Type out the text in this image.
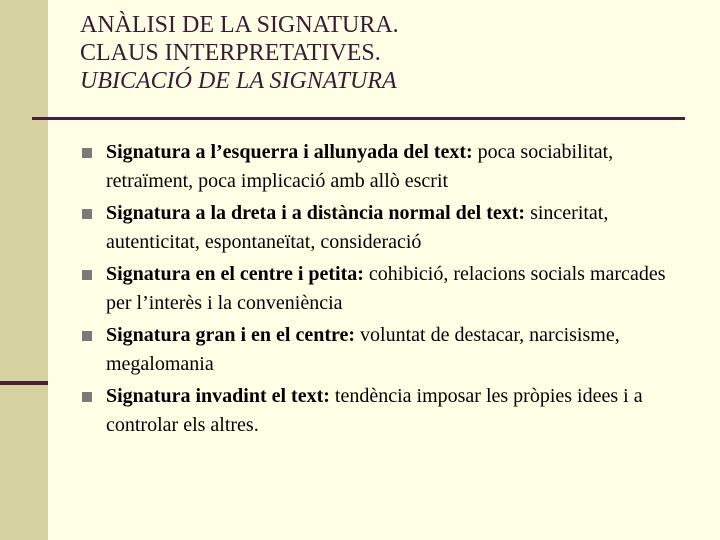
ANÀLISI DE LA SIGNATURA.
CLAUS INTERPRETATIVES.
UBICACIÓ DE LA SIGNATURA
Signatura a l’esquerra i allunyada del text: poca sociabilitat, retraïment, poca implicació amb allò escrit
Signatura a la dreta i a distància normal del text: sinceritat, autenticitat, espontaneïtat, consideració
Signatura en el centre i petita: cohibició, relacions socials marcades per l’interès i la conveniència
Signatura gran i en el centre: voluntat de destacar, narcisisme, megalomania
Signatura invadint el text: tendència imposar les pròpies idees i a controlar els altres.
